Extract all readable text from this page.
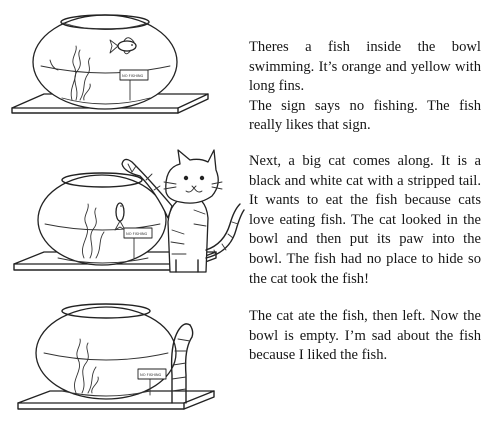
NO FISHING

Theres a fish inside the bowl swimming. It’s orange and yellow with long fins.
The sign says no fishing. The fish really likes that sign.

NO FISHING

Next, a big cat comes along. It is a black and white cat with a stripped tail. It wants to eat the fish because cats love eating fish. The cat looked in the bowl and then put its paw into the bowl. The fish had no place to hide so the cat took the fish!

NO FISHING

The cat ate the fish, then left. Now the bowl is empty. I’m sad about the fish because I liked the fish.
